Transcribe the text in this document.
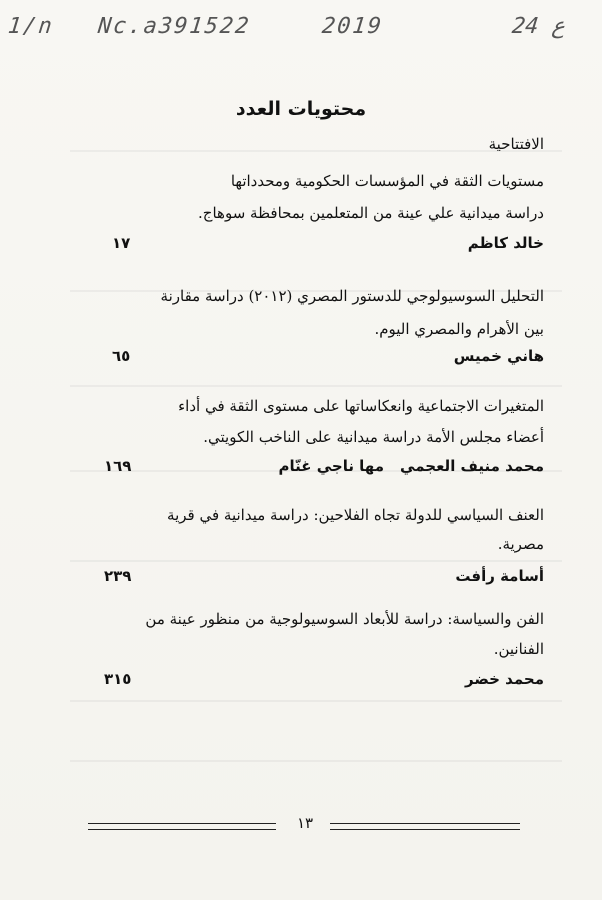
1/n Nc.a391522	2019	24 ع
محتويات العدد
الافتتاحية
مستويات الثقة في المؤسسات الحكومية ومحدداتها
دراسة ميدانية علي عينة من المتعلمين بمحافظة سوهاج.
خالد كاظم
١٧
التحليل السوسيولوجي للدستور المصري (٢٠١٢) دراسة مقارنة
بين الأهرام والمصري اليوم.
هاني خميس
٦٥
المتغيرات الاجتماعية وانعكاساتها على مستوى الثقة في أداء
أعضاء مجلس الأمة دراسة ميدانية على الناخب الكويتي.
محمد منيف العجمي
مها ناجي غنّام
١٦٩
العنف السياسي للدولة تجاه الفلاحين: دراسة ميدانية في قرية
مصرية.
أسامة رأفت
٢٣٩
الفن والسياسة: دراسة للأبعاد السوسيولوجية من منظور عينة من
الفنانين.
محمد خضر
٣١٥
١٣
